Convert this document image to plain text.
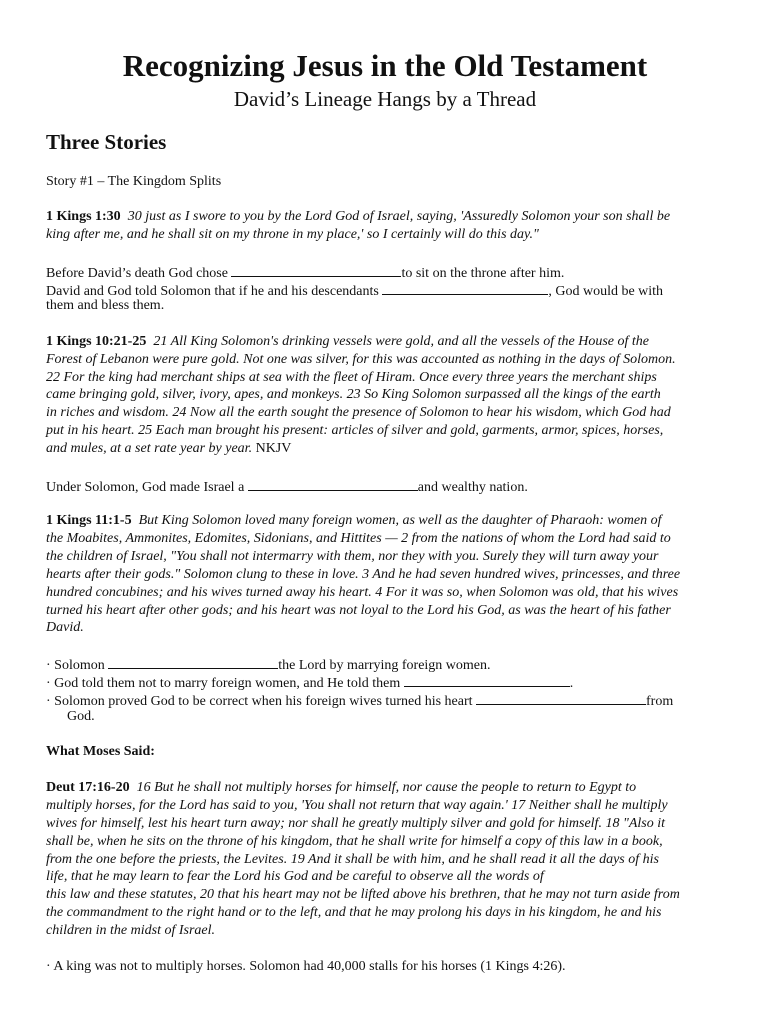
Recognizing Jesus in the Old Testament
David’s Lineage Hangs by a Thread
Three Stories
Story #1 – The Kingdom Splits
1 Kings 1:30 30 just as I swore to you by the Lord God of Israel, saying, 'Assuredly Solomon your son shall be
king after me, and he shall sit on my throne in my place,' so I certainly will do this day."
Before David’s death God chose	to sit on the throne after him.
David and God told Solomon that if he and his descendants	, God would be with
them and bless them.
1 Kings 10:21-25 21 All King Solomon's drinking vessels were gold, and all the vessels of the House of the
Forest of Lebanon were pure gold. Not one was silver, for this was accounted as nothing in the days of Solomon.
22 For the king had merchant ships at sea with the fleet of Hiram. Once every three years the merchant ships
came bringing gold, silver, ivory, apes, and monkeys. 23 So King Solomon surpassed all the kings of the earth
in riches and wisdom. 24 Now all the earth sought the presence of Solomon to hear his wisdom, which God had
put in his heart. 25 Each man brought his present: articles of silver and gold, garments, armor, spices, horses,
and mules, at a set rate year by year. NKJV
Under Solomon, God made Israel a	and wealthy nation.
1 Kings 11:1-5 But King Solomon loved many foreign women, as well as the daughter of Pharaoh: women of
the Moabites, Ammonites, Edomites, Sidonians, and Hittites — 2 from the nations of whom the Lord had said to
the children of Israel, "You shall not intermarry with them, nor they with you. Surely they will turn away your
hearts after their gods." Solomon clung to these in love. 3 And he had seven hundred wives, princesses, and three
hundred concubines; and his wives turned away his heart. 4 For it was so, when Solomon was old, that his wives
turned his heart after other gods; and his heart was not loyal to the Lord his God, as was the heart of his father
David.
· Solomon	the Lord by marrying foreign women.
· God told them not to marry foreign women, and He told them	.
· Solomon proved God to be correct when his foreign wives turned his heart	from
God.
What Moses Said:
Deut 17:16-20 16 But he shall not multiply horses for himself, nor cause the people to return to Egypt to
multiply horses, for the Lord has said to you, 'You shall not return that way again.' 17 Neither shall he multiply
wives for himself, lest his heart turn away; nor shall he greatly multiply silver and gold for himself. 18 "Also it
shall be, when he sits on the throne of his kingdom, that he shall write for himself a copy of this law in a book,
from the one before the priests, the Levites. 19 And it shall be with him, and he shall read it all the days of his
life, that he may learn to fear the Lord his God and be careful to observe all the words of
this law and these statutes, 20 that his heart may not be lifted above his brethren, that he may not turn aside from
the commandment to the right hand or to the left, and that he may prolong his days in his kingdom, he and his
children in the midst of Israel.
· A king was not to multiply horses. Solomon had 40,000 stalls for his horses (1 Kings 4:26).
